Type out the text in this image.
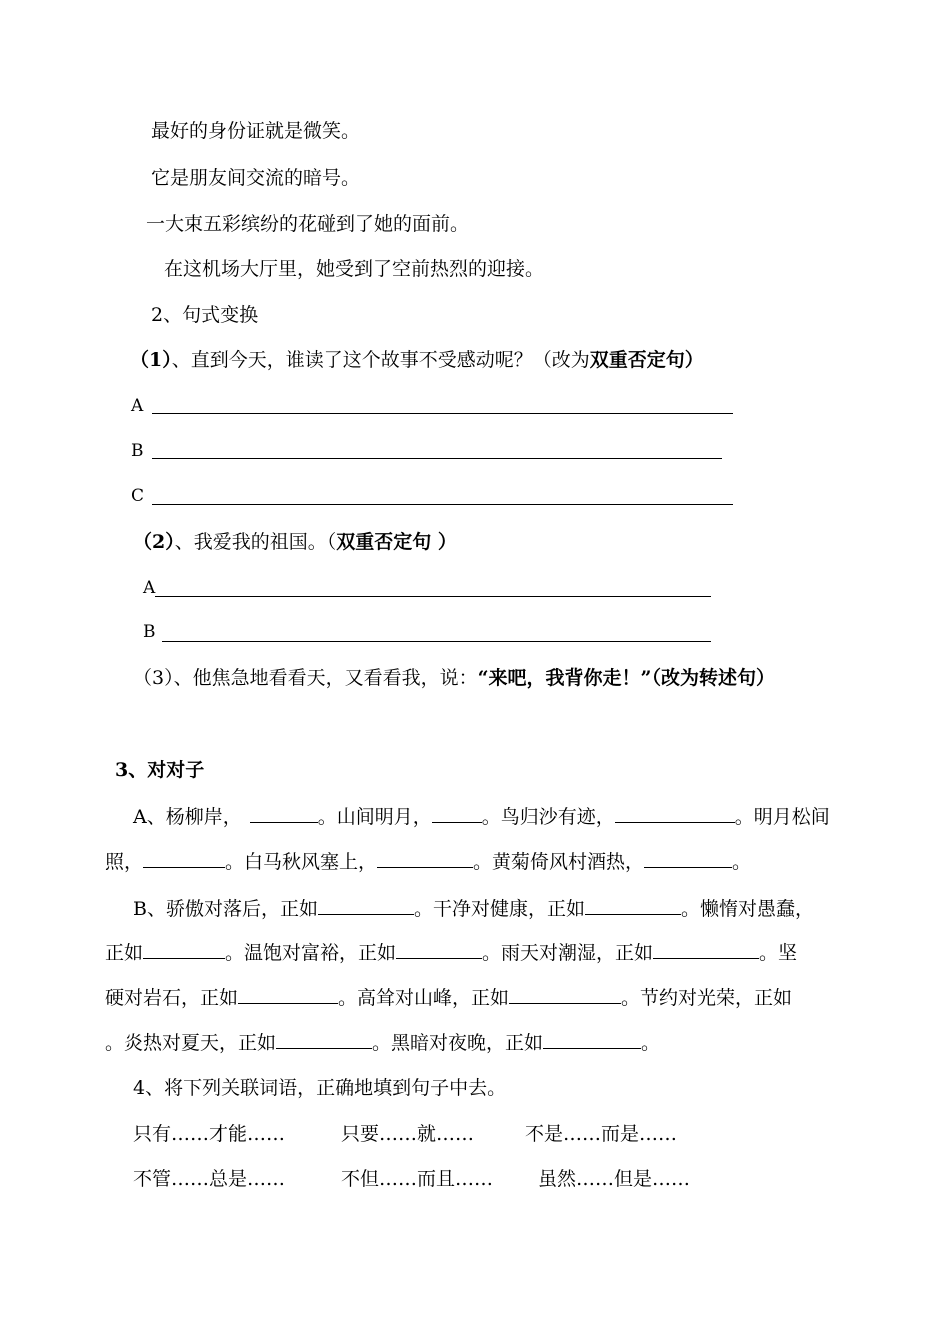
最好的身份证就是微笑。
它是朋友间交流的暗号。
一大束五彩缤纷的花碰到了她的面前。
在这机场大厅里，她受到了空前热烈的迎接。
2、句式变换
（1）、直到今天，谁读了这个故事不受感动呢？（改为双重否定句）
A
B
C
（2）、我爱我的祖国。（双重否定句 ）
A
B
（3）、他焦急地看看天，又看看我，说：“来吧，我背你走！”（改为转述句）
3、对对子
A、杨柳岸，	。山间明月，	。鸟归沙有迹，	。明月松间
照，	。白马秋风塞上，	。黄菊倚风村酒热，	。
B、骄傲对落后，正如	。干净对健康，正如	。懒惰对愚蠢，
正如	。温饱对富裕，正如	。雨天对潮湿，正如	。坚
硬对岩石，正如	。高耸对山峰，正如	。节约对光荣，正如
。炎热对夏天，正如	。黑暗对夜晚，正如	。
4、将下列关联词语，正确地填到句子中去。
只有……才能……	只要……就……	不是……而是……
不管……总是……	不但……而且…… 虽然……但是……
